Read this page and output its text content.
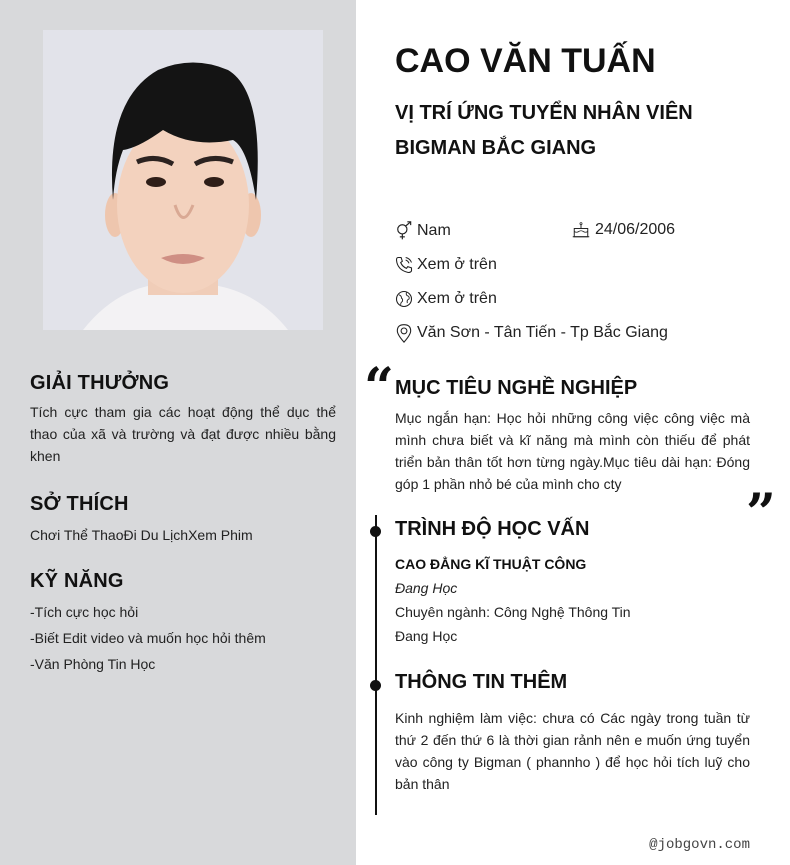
GIẢI THƯỞNG
Tích cực tham gia các hoạt động thể dục thể thao của xã và trường và đạt được nhiều bằng khen
SỞ THÍCH
Chơi Thể ThaoĐi Du LịchXem Phim
KỸ NĂNG
-Tích cực học hỏi
-Biết Edit video và muốn học hỏi thêm
-Văn Phòng Tin Học
CAO VĂN TUẤN
VỊ TRÍ ỨNG TUYỂN NHÂN VIÊN
BIGMAN BẮC GIANG
Nam	24/06/2006
Xem ở trên
Xem ở trên
Văn Sơn - Tân Tiến - Tp Bắc Giang
“ MỤC TIÊU NGHỀ NGHIỆP
Mục ngắn hạn: Học hỏi những công việc công việc mà mình chưa biết và kĩ năng mà mình còn thiếu để phát triển bản thân tốt hơn từng ngày.Mục tiêu dài hạn: Đóng góp 1 phần nhỏ bé của mình cho cty	”
TRÌNH ĐỘ HỌC VẤN
CAO ĐẲNG KĨ THUẬT CÔNG
Đang Học
Chuyên ngành: Công Nghệ Thông Tin
Đang Học
THÔNG TIN THÊM
Kinh nghiệm làm việc: chưa có Các ngày trong tuần từ thứ 2 đến thứ 6 là thời gian rảnh nên e muốn ứng tuyển vào công ty Bigman ( phannho ) để học hỏi tích luỹ cho bản thân
@jobgovn.com
